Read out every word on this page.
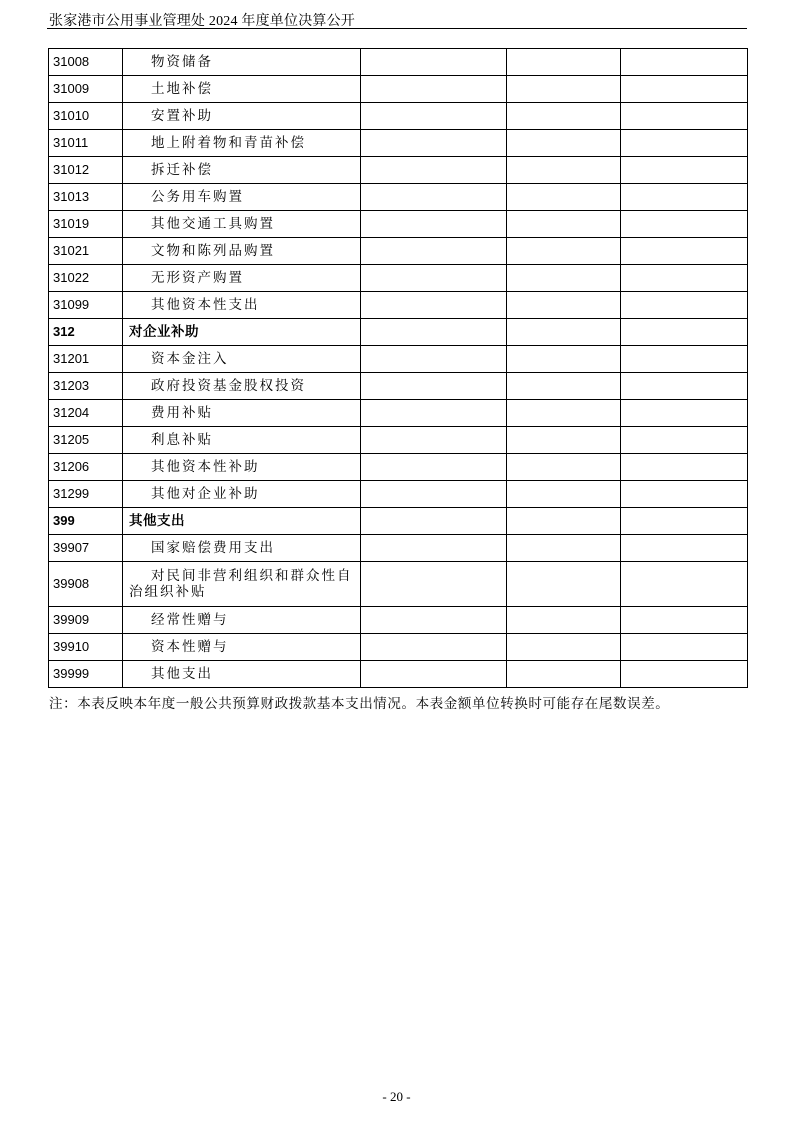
张家港市公用事业管理处 2024 年度单位决算公开
31008	物资储备			
31009	土地补偿			
31010	安置补助			
31011	地上附着物和青苗补偿			
31012	拆迁补偿			
31013	公务用车购置			
31019	其他交通工具购置			
31021	文物和陈列品购置			
31022	无形资产购置			
31099	其他资本性支出			
312	对企业补助			
31201	资本金注入			
31203	政府投资基金股权投资			
31204	费用补贴			
31205	利息补贴			
31206	其他资本性补助			
31299	其他对企业补助			
399	其他支出			
39907	国家赔偿费用支出			
39908	对民间非营利组织和群众性自治组织补贴			
39909	经常性赠与			
39910	资本性赠与			
39999	其他支出			
注：本表反映本年度一般公共预算财政拨款基本支出情况。本表金额单位转换时可能存在尾数误差。
- 20 -
